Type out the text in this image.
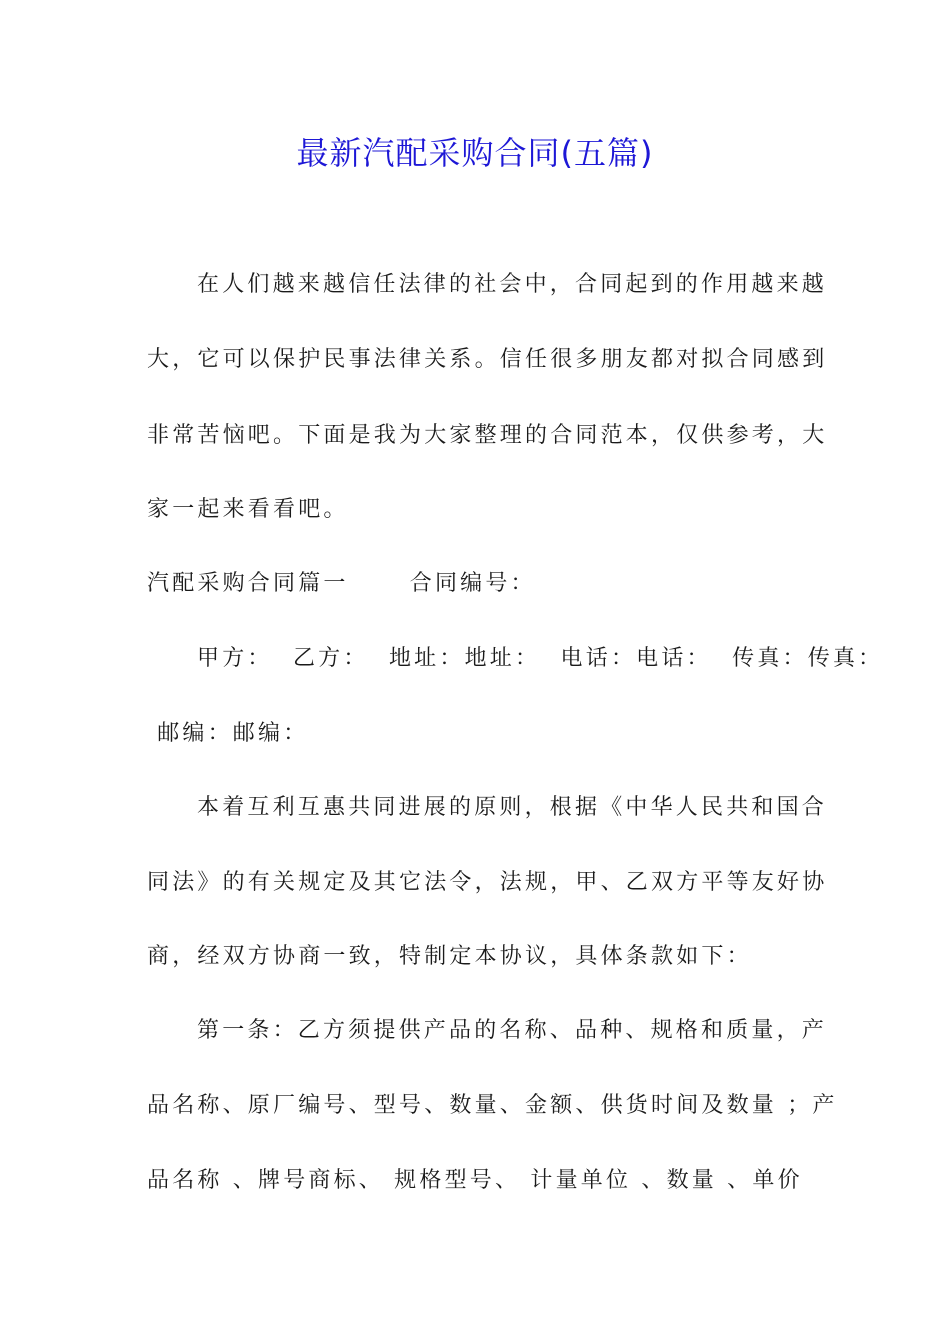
最新汽配采购合同(五篇)
在人们越来越信任法律的社会中，合同起到的作用越来越
大，它可以保护民事法律关系。信任很多朋友都对拟合同感到
非常苦恼吧。下面是我为大家整理的合同范本，仅供参考，大
家一起来看看吧。
汽配采购合同篇一      合同编号：
甲方：  乙方：  地址：地址：  电话：电话：  传真：传真：
邮编：邮编：
本着互利互惠共同进展的原则，根据《中华人民共和国合
同法》的有关规定及其它法令，法规，甲、乙双方平等友好协
商，经双方协商一致，特制定本协议，具体条款如下：
第一条：乙方须提供产品的名称、品种、规格和质量，产
品名称、原厂编号、型号、数量、金额、供货时间及数量 ；产
品名称 、牌号商标、 规格型号、 计量单位 、数量 、单价
